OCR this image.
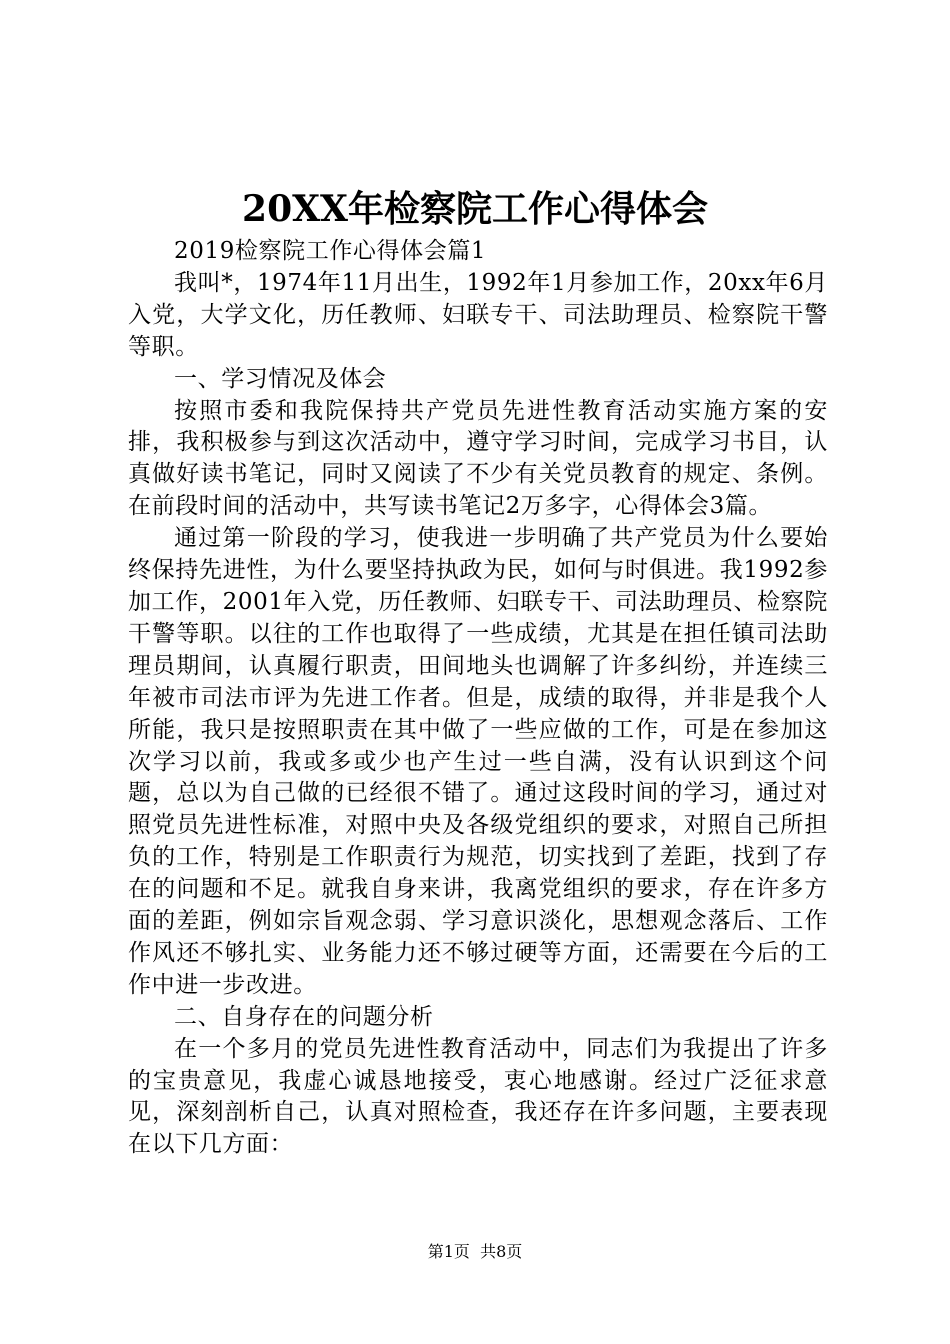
20XX年检察院工作心得体会

2019检察院工作心得体会篇1

我叫*，1974年11月出生，1992年1月参加工作，20xx年6月入党，大学文化，历任教师、妇联专干、司法助理员、检察院干警等职。

一、学习情况及体会

按照市委和我院保持共产党员先进性教育活动实施方案的安排，我积极参与到这次活动中，遵守学习时间，完成学习书目，认真做好读书笔记，同时又阅读了不少有关党员教育的规定、条例。在前段时间的活动中，共写读书笔记2万多字，心得体会3篇。

通过第一阶段的学习，使我进一步明确了共产党员为什么要始终保持先进性，为什么要坚持执政为民，如何与时俱进。我1992参加工作，2001年入党，历任教师、妇联专干、司法助理员、检察院干警等职。以往的工作也取得了一些成绩，尤其是在担任镇司法助理员期间，认真履行职责，田间地头也调解了许多纠纷，并连续三年被市司法市评为先进工作者。但是，成绩的取得，并非是我个人所能，我只是按照职责在其中做了一些应做的工作，可是在参加这次学习以前，我或多或少也产生过一些自满，没有认识到这个问题，总以为自己做的已经很不错了。通过这段时间的学习，通过对照党员先进性标准，对照中央及各级党组织的要求，对照自己所担负的工作，特别是工作职责行为规范，切实找到了差距，找到了存在的问题和不足。就我自身来讲，我离党组织的要求，存在许多方面的差距，例如宗旨观念弱、学习意识淡化，思想观念落后、工作作风还不够扎实、业务能力还不够过硬等方面，还需要在今后的工作中进一步改进。

二、自身存在的问题分析

在一个多月的党员先进性教育活动中，同志们为我提出了许多的宝贵意见，我虚心诚恳地接受，衷心地感谢。经过广泛征求意见，深刻剖析自己，认真对照检查，我还存在许多问题，主要表现在以下几方面：

第1页 共8页
